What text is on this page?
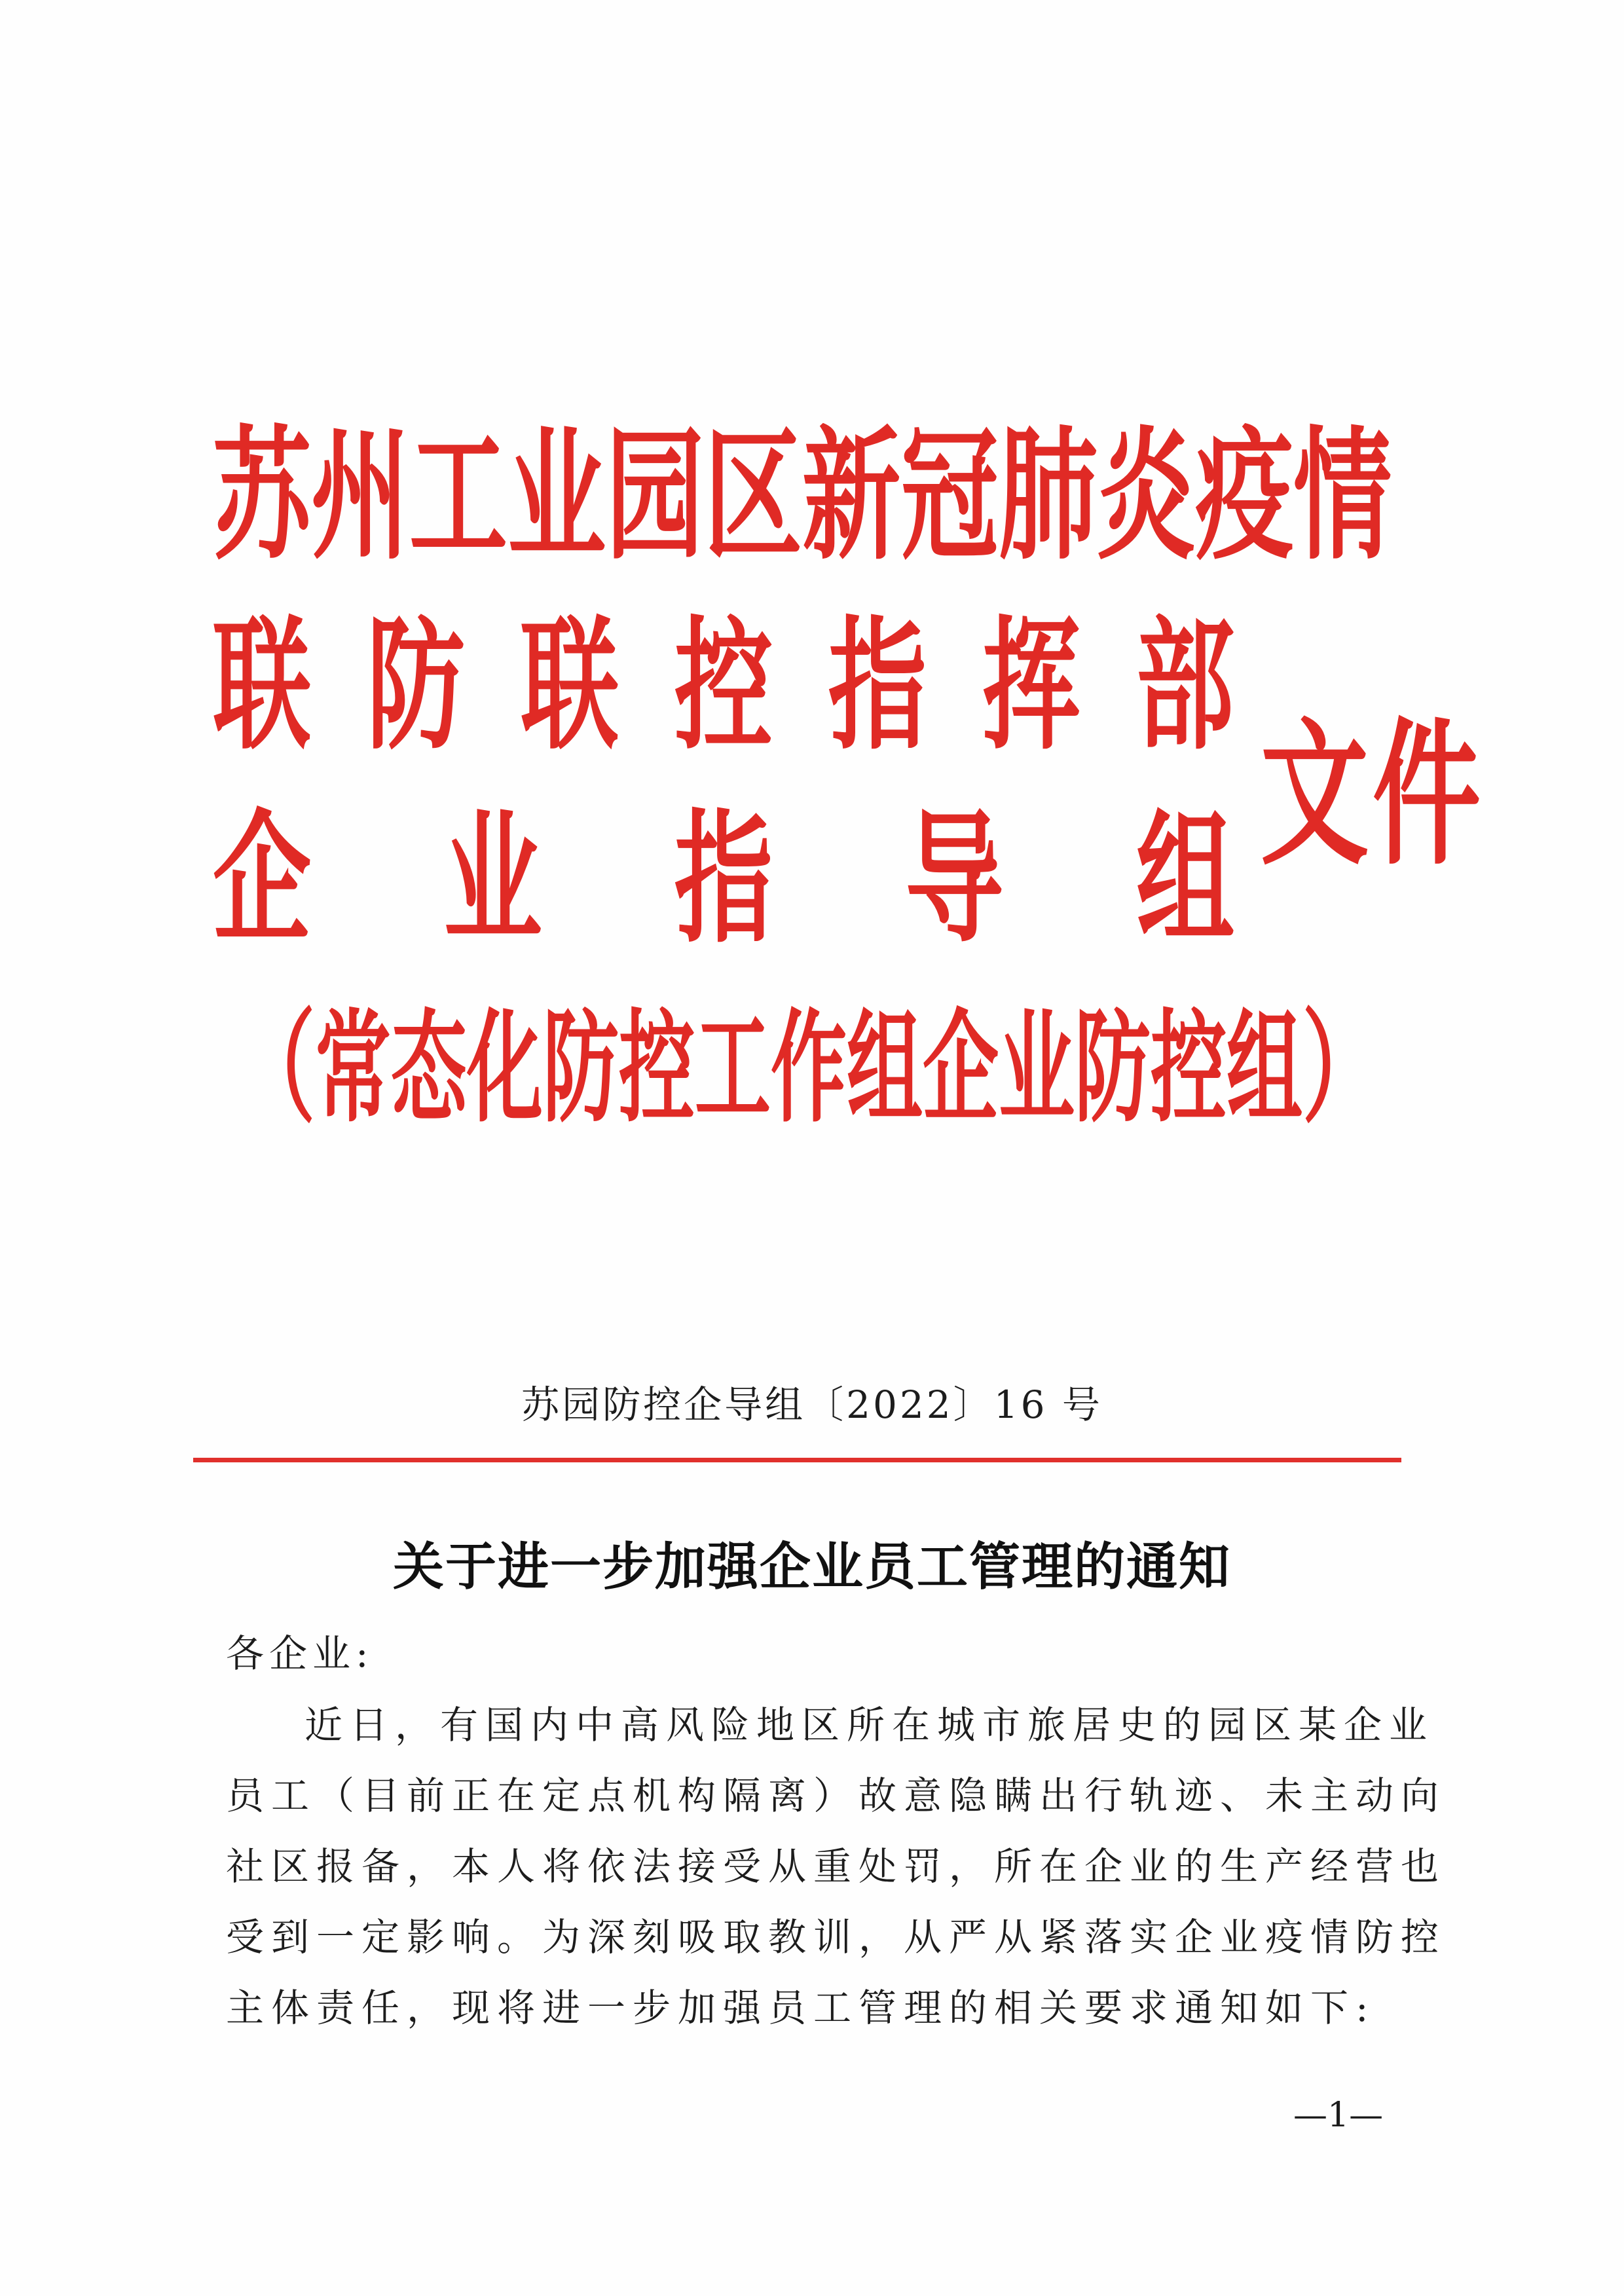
苏 州 工 业 园 区 新 冠 肺 炎 疫 情
联 防 联 控 指 挥 部
企 业 指 导 组
（ 常 态 化 防 控 工 作 组 企 业 防 控 组 ）
文件
苏园防控企导组〔2022〕16 号
关于进一步加强企业员工管理的通知
各企业:
近日，有国内中高风险地区所在城市旅居史的园区某企业
员工（目前正在定点机构隔离）故意隐瞒出行轨迹、未主动向
社区报备，本人将依法接受从重处罚，所在企业的生产经营也
受到一定影响。为深刻吸取教训，从严从紧落实企业疫情防控
主体责任，现将进一步加强员工管理的相关要求通知如下:
—1—
